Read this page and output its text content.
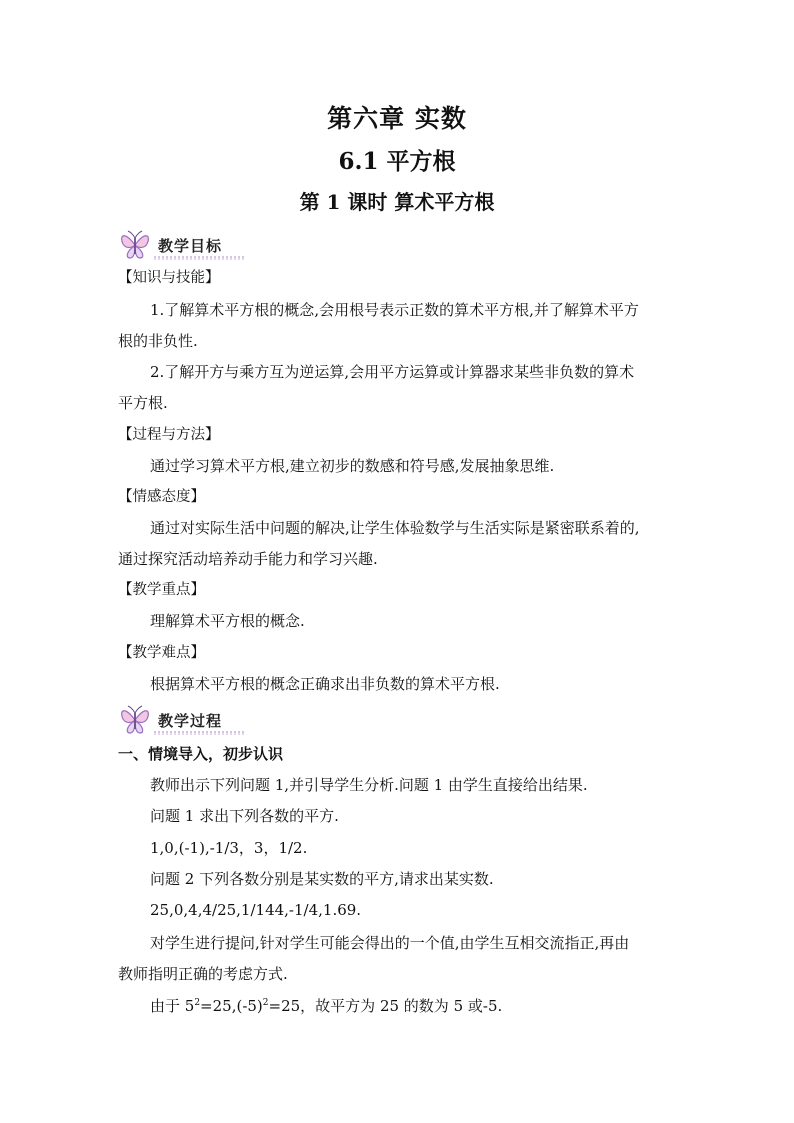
第六章 实数
6.1 平方根
第 1 课时 算术平方根
教学目标
【知识与技能】
1.了解算术平方根的概念,会用根号表示正数的算术平方根,并了解算术平方
根的非负性.
2.了解开方与乘方互为逆运算,会用平方运算或计算器求某些非负数的算术
平方根.
【过程与方法】
通过学习算术平方根,建立初步的数感和符号感,发展抽象思维.
【情感态度】
通过对实际生活中问题的解决,让学生体验数学与生活实际是紧密联系着的,
通过探究活动培养动手能力和学习兴趣.
【教学重点】
理解算术平方根的概念.
【教学难点】
根据算术平方根的概念正确求出非负数的算术平方根.
教学过程
一、情境导入，初步认识
教师出示下列问题 1,并引导学生分析.问题 1 由学生直接给出结果.
问题 1 求出下列各数的平方.
1,0,(-1),-1/3，3，1/2.
问题 2 下列各数分别是某实数的平方,请求出某实数.
25,0,4,4/25,1/144,-1/4,1.69.
对学生进行提问,针对学生可能会得出的一个值,由学生互相交流指正,再由
教师指明正确的考虑方式.
由于 $5^2=25,(-5)^2=25$，故平方为 25 的数为 5 或-5.
